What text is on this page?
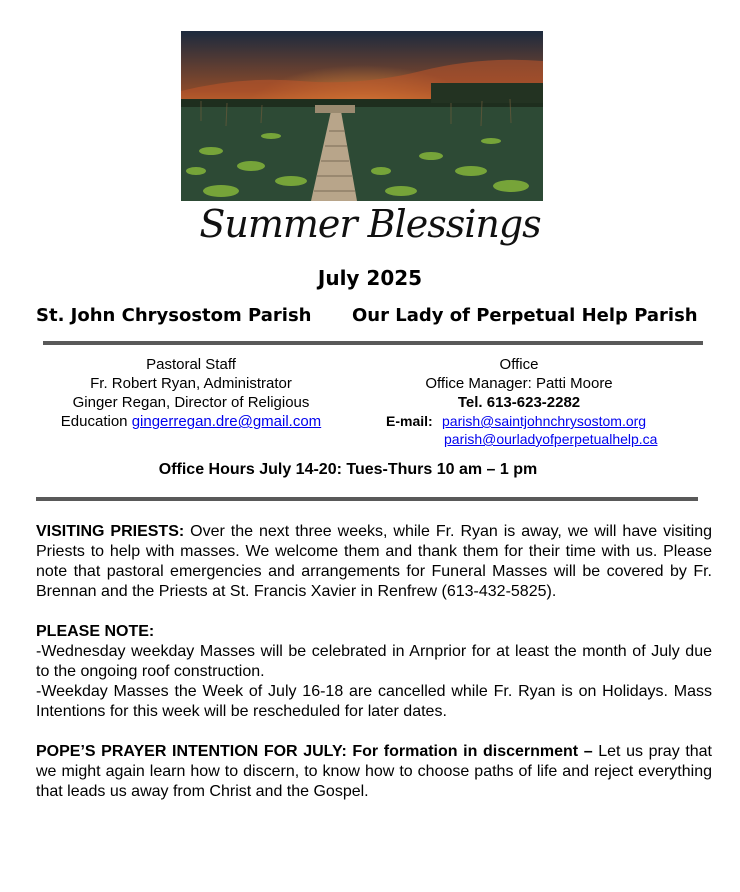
Summer Blessings
July 2025
St. John Chrysostom Parish Our Lady of Perpetual Help Parish
Pastoral Staff
Fr. Robert Ryan, Administrator
Ginger Regan, Director of Religious
Education gingerregan.dre@gmail.com
Office
Office Manager: Patti Moore
Tel. 613-623-2282
E-mail: parish@saintjohnchrysostom.org
parish@ourladyofperpetualhelp.ca
Office Hours July 14-20: Tues-Thurs 10 am – 1 pm

VISITING PRIESTS: Over the next three weeks, while Fr. Ryan is away, we will have visiting Priests to help with masses. We welcome them and thank them for their time with us. Please note that pastoral emergencies and arrangements for Funeral Masses will be covered by Fr. Brennan and the Priests at St. Francis Xavier in Renfrew (613-432-5825).

PLEASE NOTE:
-Wednesday weekday Masses will be celebrated in Arnprior for at least the month of July due to the ongoing roof construction.
-Weekday Masses the Week of July 16-18 are cancelled while Fr. Ryan is on Holidays. Mass Intentions for this week will be rescheduled for later dates.

POPE’S PRAYER INTENTION FOR JULY: For formation in discernment – Let us pray that we might again learn how to discern, to know how to choose paths of life and reject everything that leads us away from Christ and the Gospel.
